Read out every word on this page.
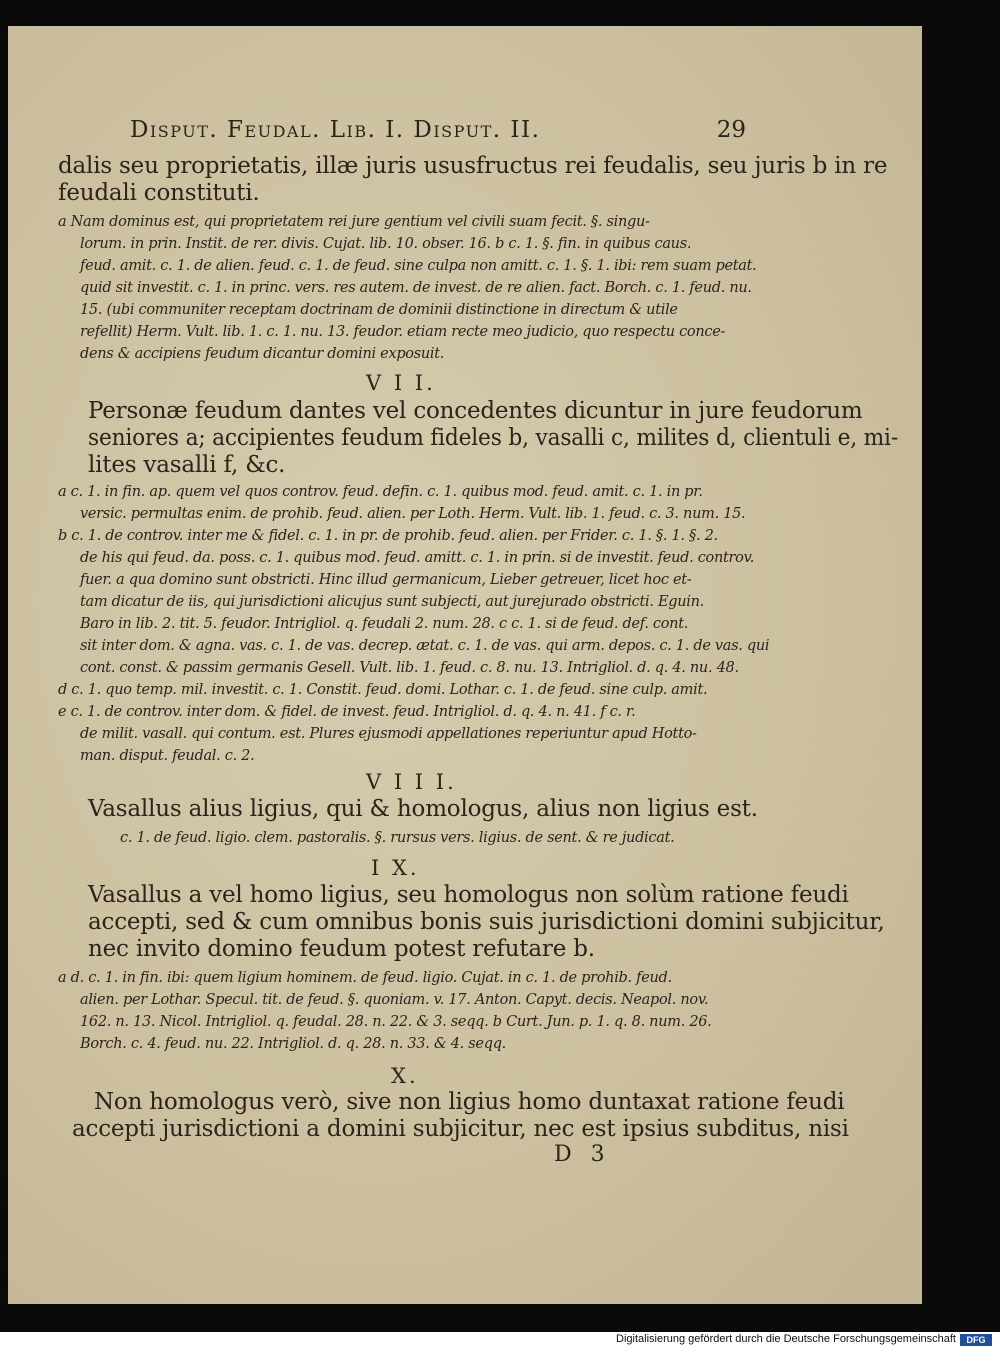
Disput. Feudal. Lib. I. Disput. II.	29
dalis seu proprietatis, illæ juris ususfructus rei feudalis, seu juris b in re
feudali constituti.
a Nam dominus est, qui proprietatem rei jure gentium vel civili suam fecit. §. singu-
lorum. in prin. Instit. de rer. divis. Cujat. lib. 10. obser. 16. b c. 1. §. fin. in quibus caus.
feud. amit. c. 1. de alien. feud. c. 1. de feud. sine culpa non amitt. c. 1. §. 1. ibi: rem suam petat.
quid sit investit. c. 1. in princ. vers. res autem. de invest. de re alien. fact. Borch. c. 1. feud. nu.
15. (ubi communiter receptam doctrinam de dominii distinctione in directum & utile
refellit) Herm. Vult. lib. 1. c. 1. nu. 13. feudor. etiam recte meo judicio, quo respectu conce-
dens & accipiens feudum dicantur domini exposuit.
V I I.
Personæ feudum dantes vel concedentes dicuntur in jure feudorum
seniores a; accipientes feudum fideles b, vasalli c, milites d, clientuli e, mi-
lites vasalli f, &c.
a c. 1. in fin. ap. quem vel quos controv. feud. defin. c. 1. quibus mod. feud. amit. c. 1. in pr.
versic. permultas enim. de prohib. feud. alien. per Loth. Herm. Vult. lib. 1. feud. c. 3. num. 15.
b c. 1. de controv. inter me & fidel. c. 1. in pr. de prohib. feud. alien. per Frider. c. 1. §. 1. §. 2.
de his qui feud. da. poss. c. 1. quibus mod. feud. amitt. c. 1. in prin. si de investit. feud. controv.
fuer. a qua domino sunt obstricti. Hinc illud germanicum, Lieber getreuer, licet hoc et-
tam dicatur de iis, qui jurisdictioni alicujus sunt subjecti, aut jurejurado obstricti. Eguin.
Baro in lib. 2. tit. 5. feudor. Intrigliol. q. feudali 2. num. 28. c c. 1. si de feud. def. cont.
sit inter dom. & agna. vas. c. 1. de vas. decrep. ætat. c. 1. de vas. qui arm. depos. c. 1. de vas. qui
cont. const. & passim germanis Gesell. Vult. lib. 1. feud. c. 8. nu. 13. Intrigliol. d. q. 4. nu. 48.
d c. 1. quo temp. mil. investit. c. 1. Constit. feud. domi. Lothar. c. 1. de feud. sine culp. amit.
e c. 1. de controv. inter dom. & fidel. de invest. feud. Intrigliol. d. q. 4. n. 41. f c. r.
de milit. vasall. qui contum. est. Plures ejusmodi appellationes reperiuntur apud Hotto-
man. disput. feudal. c. 2.
V I I I.
Vasallus alius ligius, qui & homologus, alius non ligius est.
c. 1. de feud. ligio. clem. pastoralis. §. rursus vers. ligius. de sent. & re judicat.
I X.
Vasallus a vel homo ligius, seu homologus non solùm ratione feudi
accepti, sed & cum omnibus bonis suis jurisdictioni domini subjicitur,
nec invito domino feudum potest refutare b.
a d. c. 1. in fin. ibi: quem ligium hominem. de feud. ligio. Cujat. in c. 1. de prohib. feud.
alien. per Lothar. Specul. tit. de feud. §. quoniam. v. 17. Anton. Capyt. decis. Neapol. nov.
162. n. 13. Nicol. Intrigliol. q. feudal. 28. n. 22. & 3. seqq. b Curt. Jun. p. 1. q. 8. num. 26.
Borch. c. 4. feud. nu. 22. Intrigliol. d. q. 28. n. 33. & 4. seqq.
X.
Non homologus verò, sive non ligius homo duntaxat ratione feudi
accepti jurisdictioni a domini subjicitur, nec est ipsius subditus, nisi
D 3
Digitalisierung gefördert durch die Deutsche Forschungsgemeinschaft	DFG
